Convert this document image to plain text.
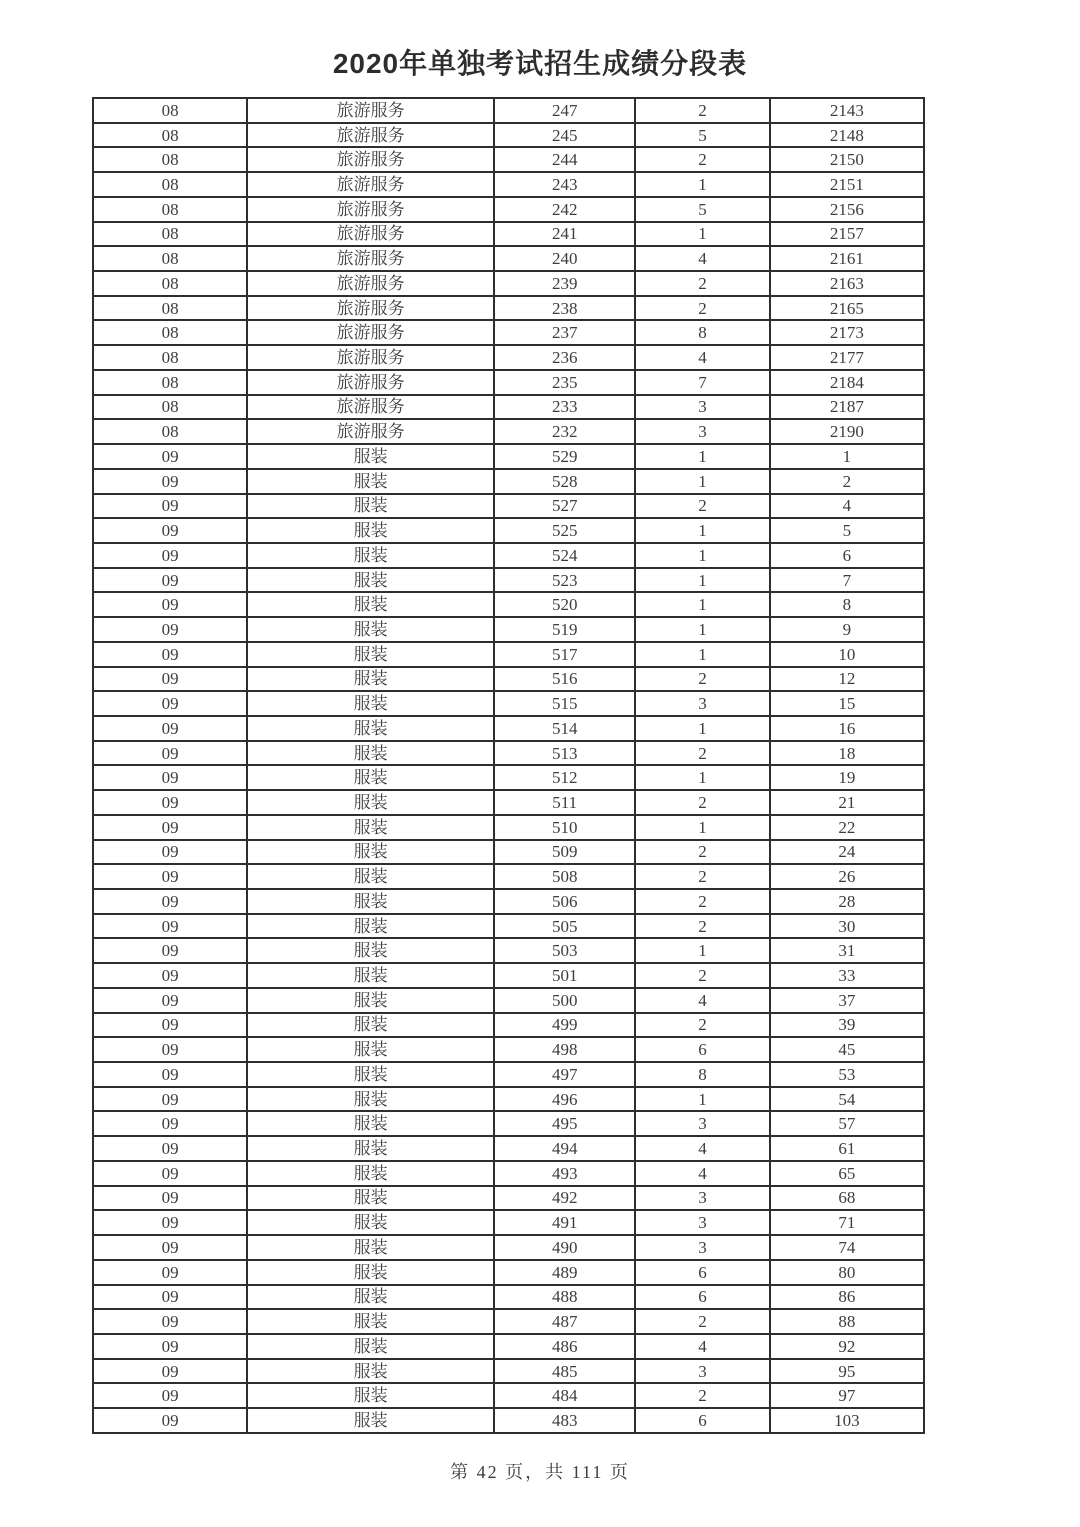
2020年单独考试招生成绩分段表
08	旅游服务	247	2	2143
08	旅游服务	245	5	2148
08	旅游服务	244	2	2150
08	旅游服务	243	1	2151
08	旅游服务	242	5	2156
08	旅游服务	241	1	2157
08	旅游服务	240	4	2161
08	旅游服务	239	2	2163
08	旅游服务	238	2	2165
08	旅游服务	237	8	2173
08	旅游服务	236	4	2177
08	旅游服务	235	7	2184
08	旅游服务	233	3	2187
08	旅游服务	232	3	2190
09	服装	529	1	1
09	服装	528	1	2
09	服装	527	2	4
09	服装	525	1	5
09	服装	524	1	6
09	服装	523	1	7
09	服装	520	1	8
09	服装	519	1	9
09	服装	517	1	10
09	服装	516	2	12
09	服装	515	3	15
09	服装	514	1	16
09	服装	513	2	18
09	服装	512	1	19
09	服装	511	2	21
09	服装	510	1	22
09	服装	509	2	24
09	服装	508	2	26
09	服装	506	2	28
09	服装	505	2	30
09	服装	503	1	31
09	服装	501	2	33
09	服装	500	4	37
09	服装	499	2	39
09	服装	498	6	45
09	服装	497	8	53
09	服装	496	1	54
09	服装	495	3	57
09	服装	494	4	61
09	服装	493	4	65
09	服装	492	3	68
09	服装	491	3	71
09	服装	490	3	74
09	服装	489	6	80
09	服装	488	6	86
09	服装	487	2	88
09	服装	486	4	92
09	服装	485	3	95
09	服装	484	2	97
09	服装	483	6	103
第 42 页，共 111 页
